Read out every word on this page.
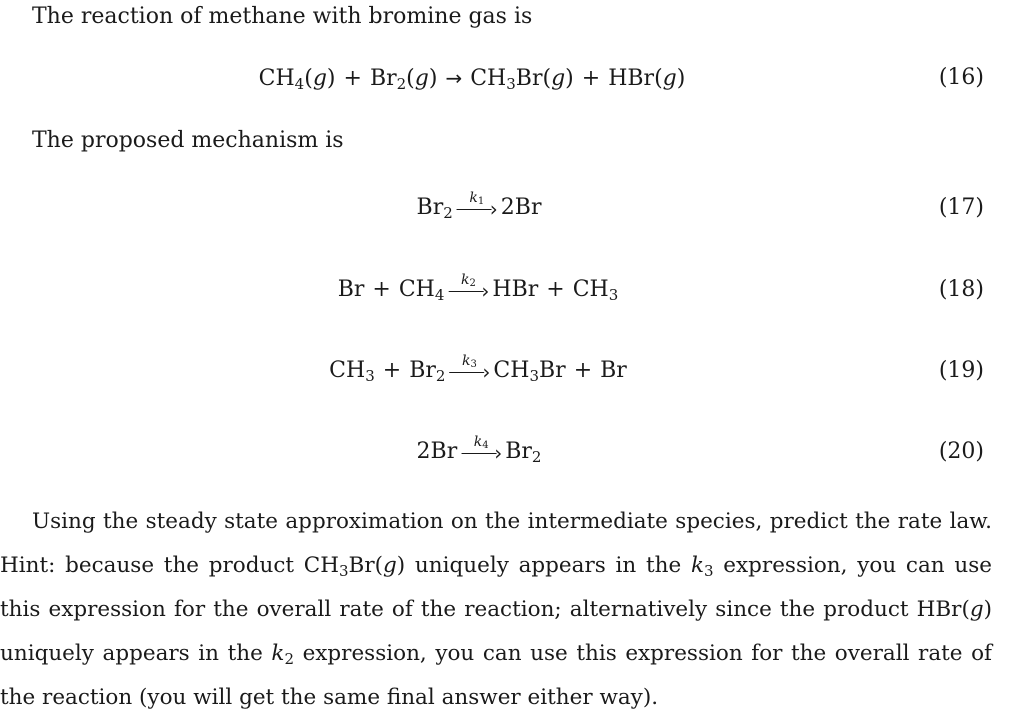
The reaction of methane with bromine gas is
$CH_4(g) + Br_2(g) \to CH_3Br(g) + HBr(g)$	(16)
The proposed mechanism is
$Br_2$
$k_1$ › 2Br	(17)
$Br + CH_4$
$k_2$ › HBr + $CH_3$	(18)
$CH_3 + Br_2$
$k_3$ › $CH_3Br + Br$	(19)
2Br $k_4$ › $Br_2$	(20)
Using the steady state approximation on the intermediate species, predict the rate law. Hint: because the product $CH_3Br(g)$ uniquely appears in the $k_3$ expression, you can use this expression for the overall rate of the reaction; alternatively since the product HBr(g) uniquely appears in the $k_2$ expression, you can use this expression for the overall rate of the reaction (you will get the same final answer either way).
